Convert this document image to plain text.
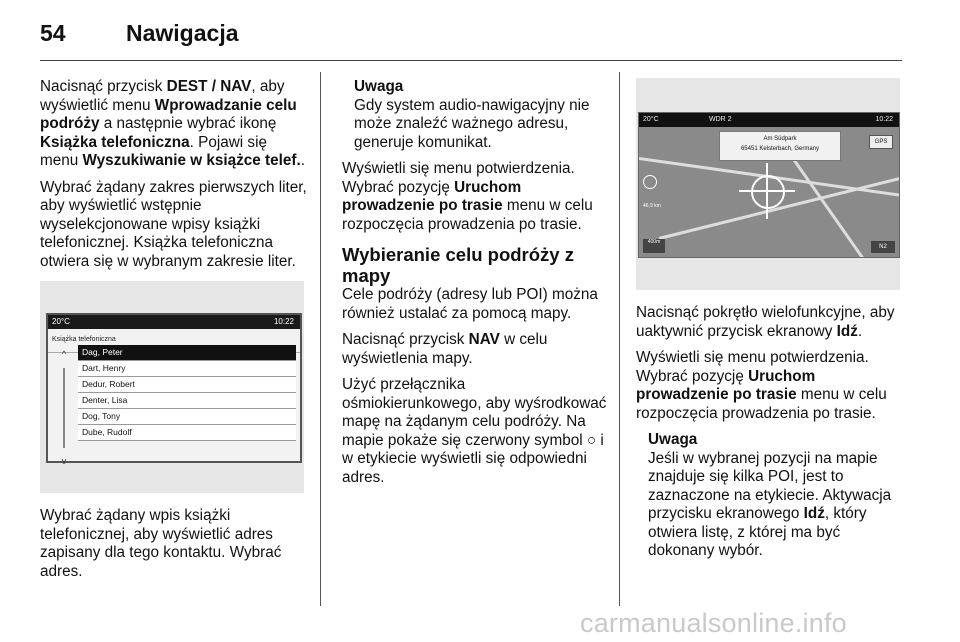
54	Nawigacja

Nacisnąć przycisk DEST / NAV, aby wyświetlić menu Wprowadzanie celu podróży a następnie wybrać ikonę Książka telefoniczna. Pojawi się menu Wyszukiwanie w książce telef..

Wybrać żądany zakres pierwszych liter, aby wyświetlić wstępnie wyselekcjonowane wpisy książki telefonicznej. Książka telefoniczna otwiera się w wybranym zakresie liter.

20°C	10:22
Książka telefoniczna
^
v
Dag, Peter
Dart, Henry
Dedur, Robert
Denter, Lisa
Dog, Tony
Dube, Rudolf

Wybrać żądany wpis książki telefonicznej, aby wyświetlić adres zapisany dla tego kontaktu. Wybrać adres.

Uwaga
Gdy system audio-nawigacyjny nie może znaleźć ważnego adresu, generuje komunikat.

Wyświetli się menu potwierdzenia. Wybrać pozycję Uruchom prowadzenie po trasie menu w celu rozpoczęcia prowadzenia po trasie.

Wybieranie celu podróży z mapy

Cele podróży (adresy lub POI) można również ustalać za pomocą mapy.

Nacisnąć przycisk NAV w celu wyświetlenia mapy.

Użyć przełącznika ośmiokierunkowego, aby wyśrodkować mapę na żądanym celu podróży. Na mapie pokaże się czerwony symbol ○ i w etykiecie wyświetli się odpowiedni adres.

20°C	WDR 2	10:22
Am Südpark
65451 Kelsterbach, Germany
GPS
46,9 km
400m
N2

Nacisnąć pokrętło wielofunkcyjne, aby uaktywnić przycisk ekranowy Idź.

Wyświetli się menu potwierdzenia. Wybrać pozycję Uruchom prowadzenie po trasie menu w celu rozpoczęcia prowadzenia po trasie.

Uwaga
Jeśli w wybranej pozycji na mapie znajduje się kilka POI, jest to zaznaczone na etykiecie. Aktywacja przycisku ekranowego Idź, który otwiera listę, z której ma być dokonany wybór.
carmanualsonline.info
